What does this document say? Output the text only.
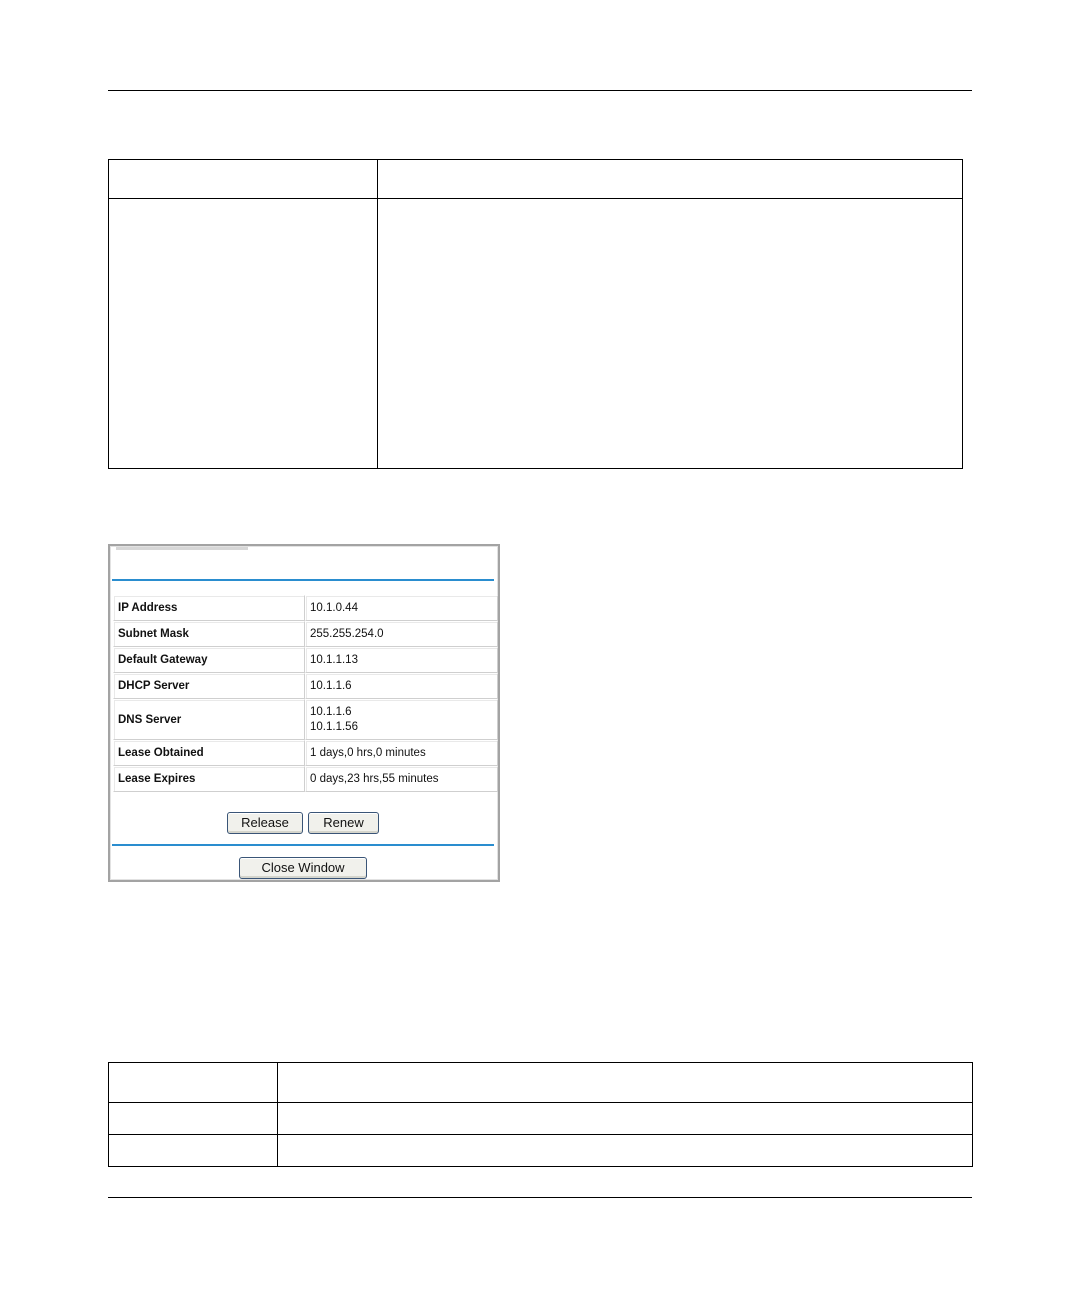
IP Address	10.1.0.44

Subnet Mask	255.255.254.0

Default Gateway	10.1.1.13

DHCP Server	10.1.1.6

DNS Server	10.1.1.6
10.1.1.56

Lease Obtained	1 days,0 hrs,0 minutes

Lease Expires	0 days,23 hrs,55 minutes
Release	Renew
Close Window
